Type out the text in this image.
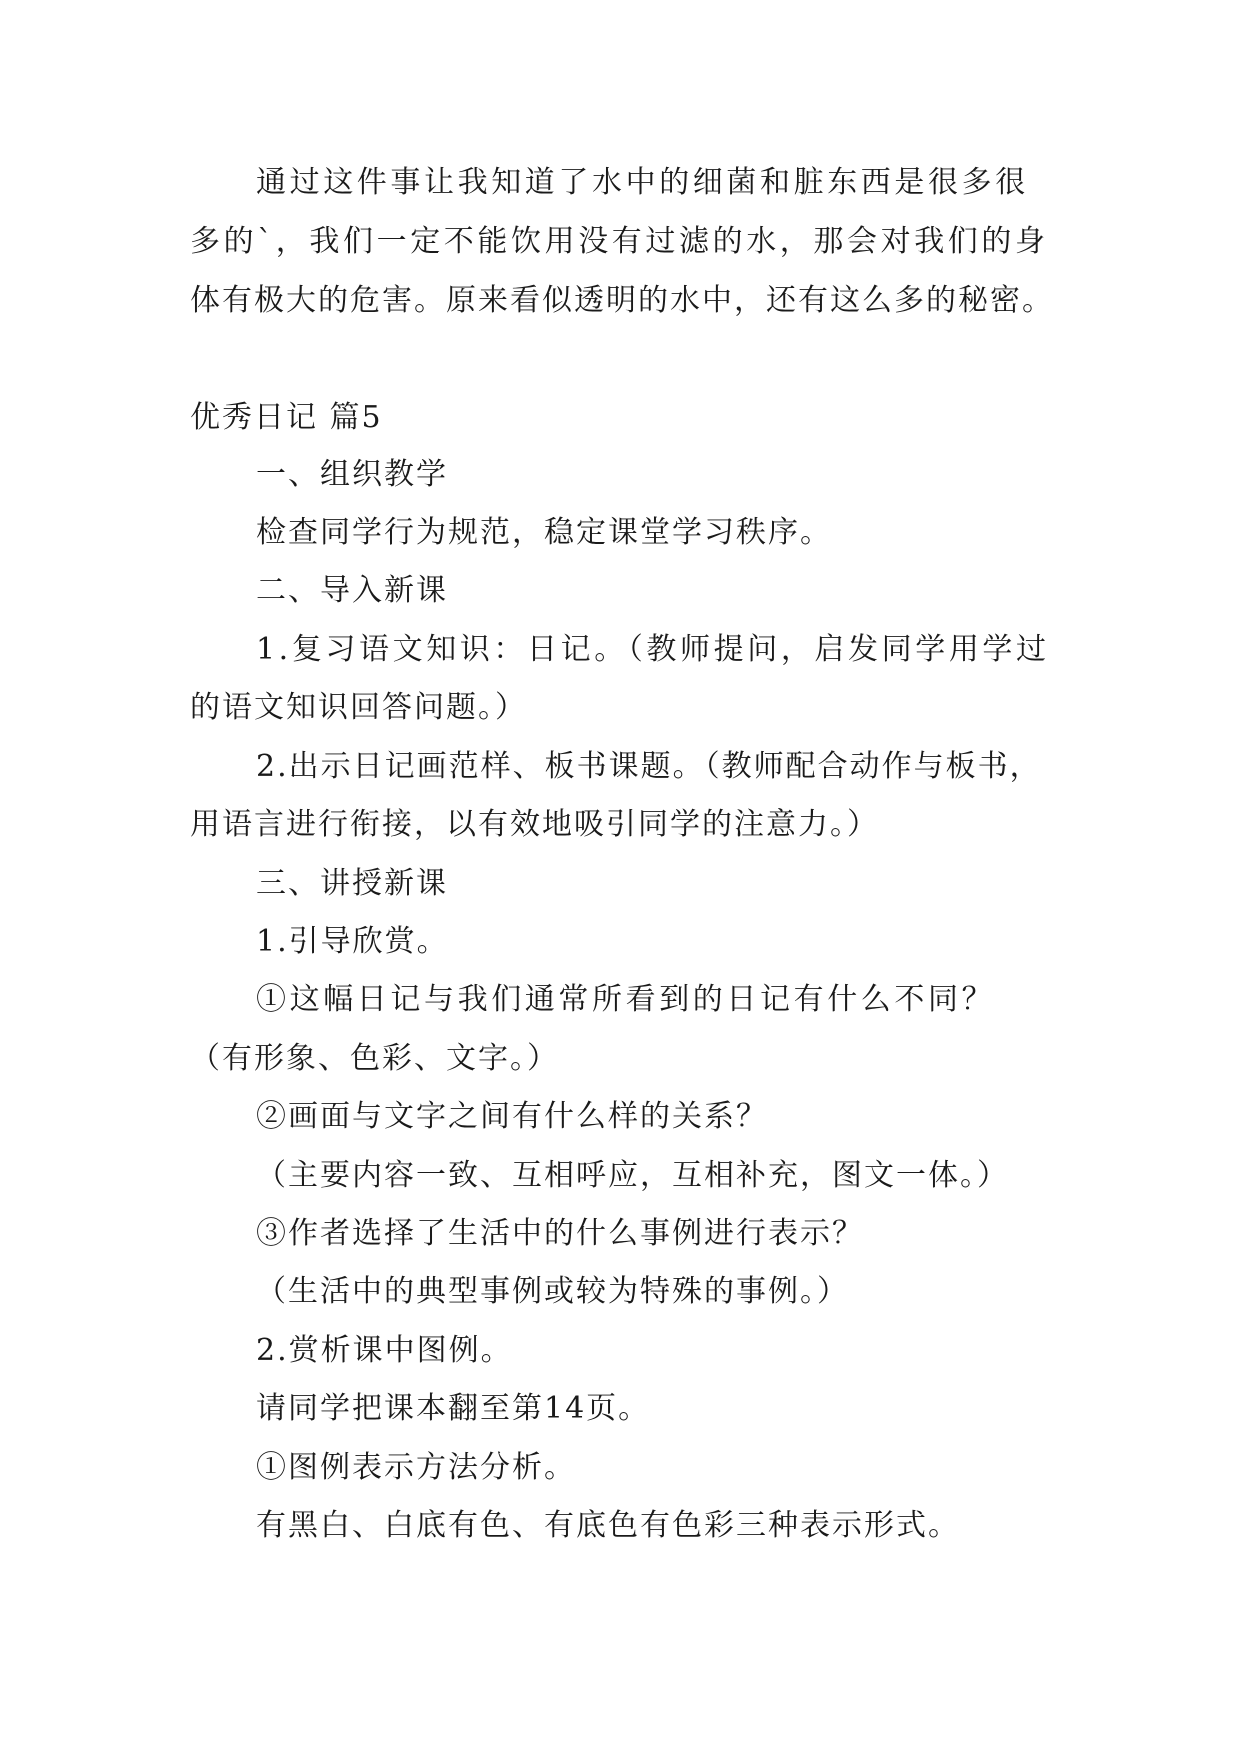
通过这件事让我知道了水中的细菌和脏东西是很多很
多的`，我们一定不能饮用没有过滤的水，那会对我们的身
体有极大的危害。原来看似透明的水中，还有这么多的秘密。
优秀日记 篇5
一、组织教学
检查同学行为规范，稳定课堂学习秩序。
二、导入新课
1.复习语文知识：日记。（教师提问，启发同学用学过
的语文知识回答问题。）
2.出示日记画范样、板书课题。（教师配合动作与板书，
用语言进行衔接，以有效地吸引同学的注意力。）
三、讲授新课
1.引导欣赏。
①这幅日记与我们通常所看到的日记有什么不同？
（有形象、色彩、文字。）
②画面与文字之间有什么样的关系？
（主要内容一致、互相呼应，互相补充，图文一体。）
③作者选择了生活中的什么事例进行表示？
（生活中的典型事例或较为特殊的事例。）
2.赏析课中图例。
请同学把课本翻至第14页。
①图例表示方法分析。
有黑白、白底有色、有底色有色彩三种表示形式。
